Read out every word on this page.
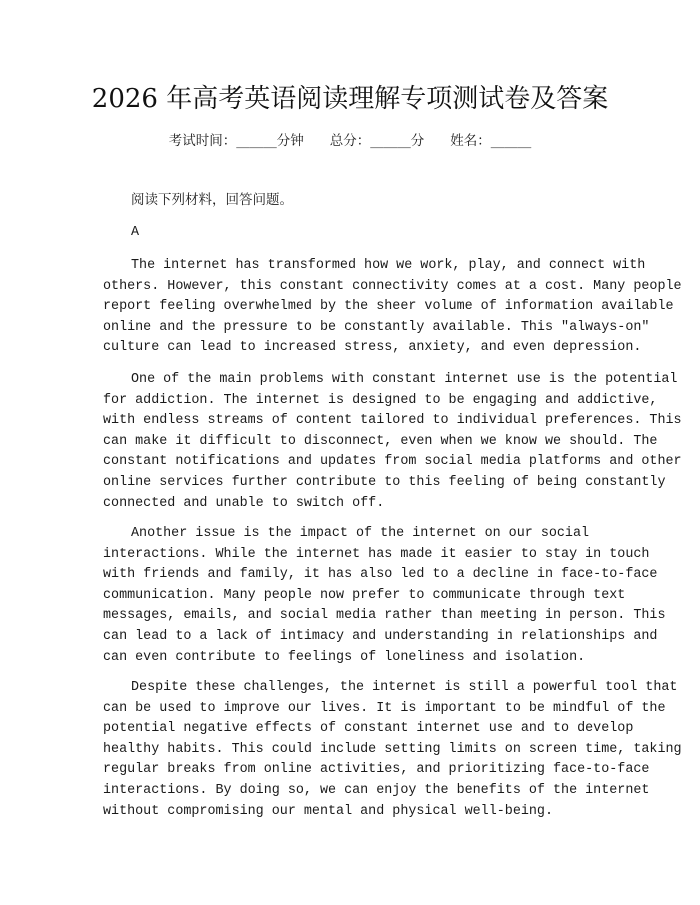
2026 年高考英语阅读理解专项测试卷及答案
考试时间：______分钟 总分：______分 姓名：______
阅读下列材料，回答问题。
A
The internet has transformed how we work, play, and connect with
others. However, this constant connectivity comes at a cost. Many people
report feeling overwhelmed by the sheer volume of information available
online and the pressure to be constantly available. This "always-on"
culture can lead to increased stress, anxiety, and even depression.
One of the main problems with constant internet use is the potential
for addiction. The internet is designed to be engaging and addictive,
with endless streams of content tailored to individual preferences. This
can make it difficult to disconnect, even when we know we should. The
constant notifications and updates from social media platforms and other
online services further contribute to this feeling of being constantly
connected and unable to switch off.
Another issue is the impact of the internet on our social
interactions. While the internet has made it easier to stay in touch
with friends and family, it has also led to a decline in face-to-face
communication. Many people now prefer to communicate through text
messages, emails, and social media rather than meeting in person. This
can lead to a lack of intimacy and understanding in relationships and
can even contribute to feelings of loneliness and isolation.
Despite these challenges, the internet is still a powerful tool that
can be used to improve our lives. It is important to be mindful of the
potential negative effects of constant internet use and to develop
healthy habits. This could include setting limits on screen time, taking
regular breaks from online activities, and prioritizing face-to-face
interactions. By doing so, we can enjoy the benefits of the internet
without compromising our mental and physical well-being.
